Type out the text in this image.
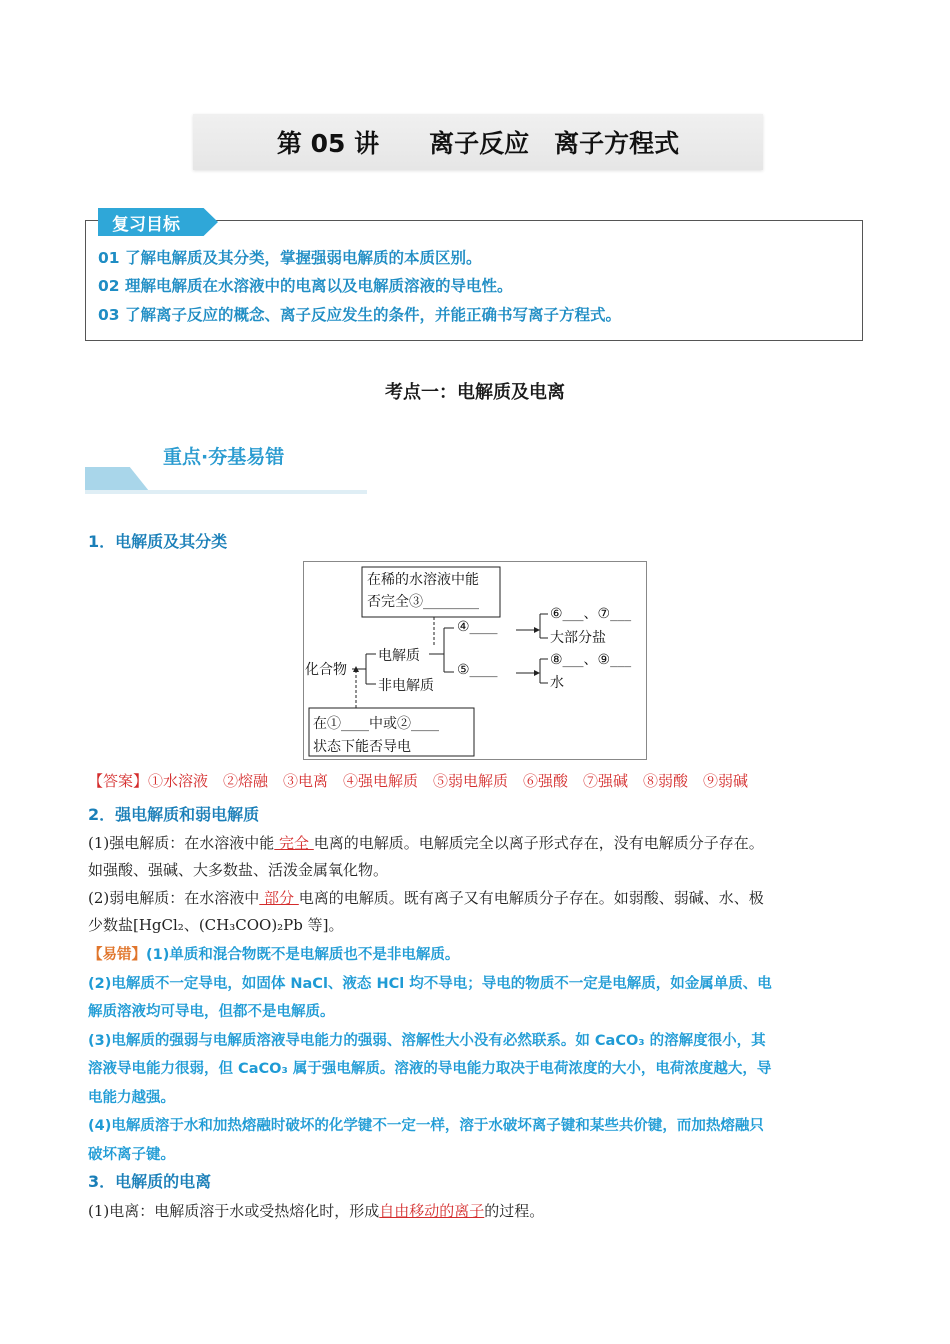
第 05 讲　　离子反应　离子方程式
复习目标
01 了解电解质及其分类，掌握强弱电解质的本质区别。
02 理解电解质在水溶液中的电离以及电解质溶液的导电性。
03 了解离子反应的概念、离子反应发生的条件，并能正确书写离子方程式。
考点一：电解质及电离
重点·夯基易错
1．电解质及其分类
在稀的水溶液中能
否完全③________
化合物
电解质
非电解质
④____
⑤____
⑥___、⑦___
大部分盐
⑧___、⑨___
水
在①____中或②____
状态下能否导电
【答案】①水溶液　②熔融　③电离　④强电解质　⑤弱电解质　⑥强酸　⑦强碱　⑧弱酸　⑨弱碱
2．强电解质和弱电解质
(1)强电解质：在水溶液中能 完全 电离的电解质。电解质完全以离子形式存在，没有电解质分子存在。
如强酸、强碱、大多数盐、活泼金属氧化物。
(2)弱电解质：在水溶液中 部分 电离的电解质。既有离子又有电解质分子存在。如弱酸、弱碱、水、极
少数盐[HgCl₂、(CH₃COO)₂Pb 等]。
【易错】(1)单质和混合物既不是电解质也不是非电解质。
(2)电解质不一定导电，如固体 NaCl、液态 HCl 均不导电；导电的物质不一定是电解质，如金属单质、电
解质溶液均可导电，但都不是电解质。
(3)电解质的强弱与电解质溶液导电能力的强弱、溶解性大小没有必然联系。如 CaCO₃ 的溶解度很小，其
溶液导电能力很弱，但 CaCO₃ 属于强电解质。溶液的导电能力取决于电荷浓度的大小，电荷浓度越大，导
电能力越强。
(4)电解质溶于水和加热熔融时破坏的化学键不一定一样，溶于水破坏离子键和某些共价键，而加热熔融只
破坏离子键。
3．电解质的电离
(1)电离：电解质溶于水或受热熔化时，形成自由移动的离子的过程。
